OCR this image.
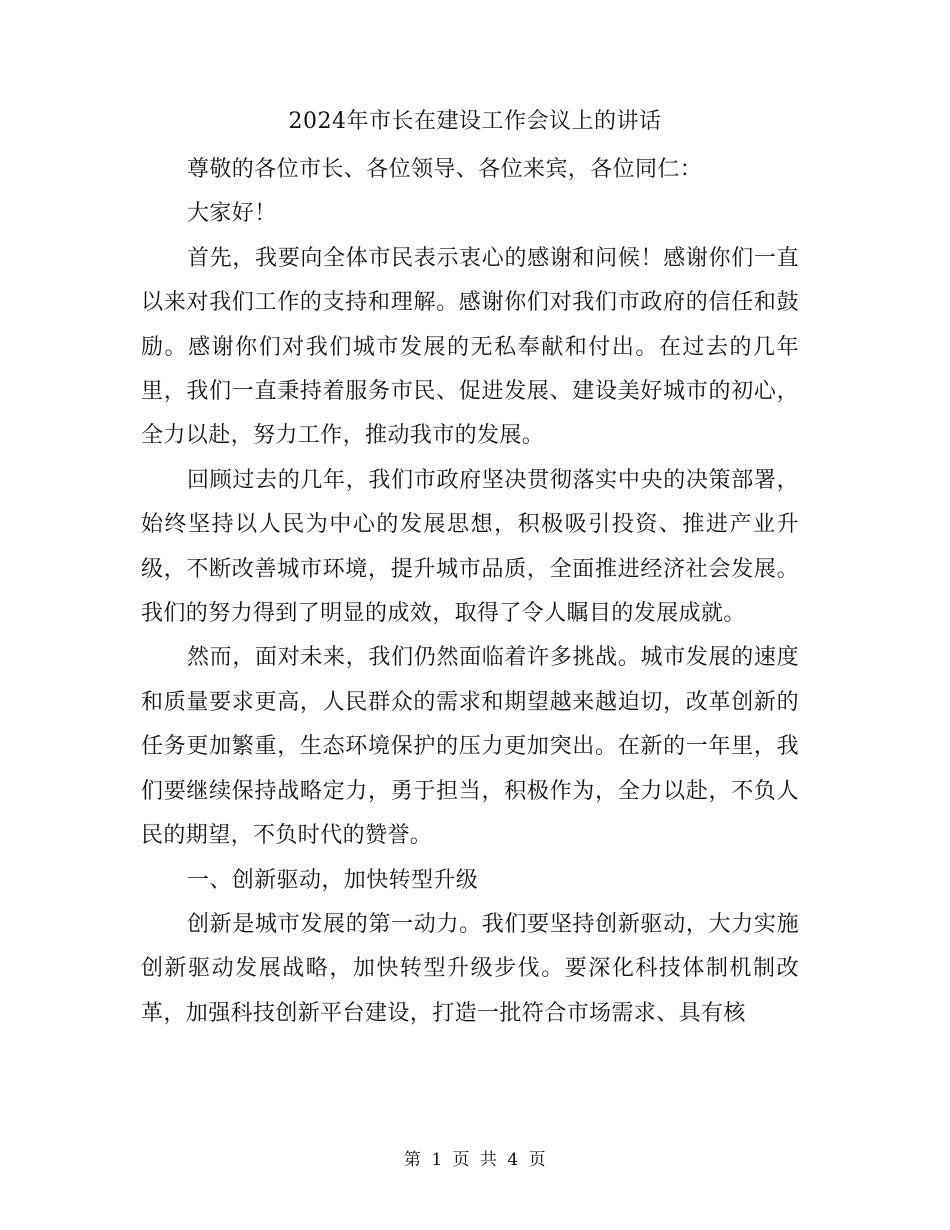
2024年市长在建设工作会议上的讲话

尊敬的各位市长、各位领导、各位来宾，各位同仁：

大家好！

首先，我要向全体市民表示衷心的感谢和问候！感谢你们一直以来对我们工作的支持和理解。感谢你们对我们市政府的信任和鼓励。感谢你们对我们城市发展的无私奉献和付出。在过去的几年里，我们一直秉持着服务市民、促进发展、建设美好城市的初心，全力以赴，努力工作，推动我市的发展。

回顾过去的几年，我们市政府坚决贯彻落实中央的决策部署，始终坚持以人民为中心的发展思想，积极吸引投资、推进产业升级，不断改善城市环境，提升城市品质，全面推进经济社会发展。我们的努力得到了明显的成效，取得了令人瞩目的发展成就。

然而，面对未来，我们仍然面临着许多挑战。城市发展的速度和质量要求更高，人民群众的需求和期望越来越迫切，改革创新的任务更加繁重，生态环境保护的压力更加突出。在新的一年里，我们要继续保持战略定力，勇于担当，积极作为，全力以赴，不负人民的期望，不负时代的赞誉。

一、创新驱动，加快转型升级

创新是城市发展的第一动力。我们要坚持创新驱动，大力实施创新驱动发展战略，加快转型升级步伐。要深化科技体制机制改革，加强科技创新平台建设，打造一批符合市场需求、具有核

第 1 页 共 4 页
